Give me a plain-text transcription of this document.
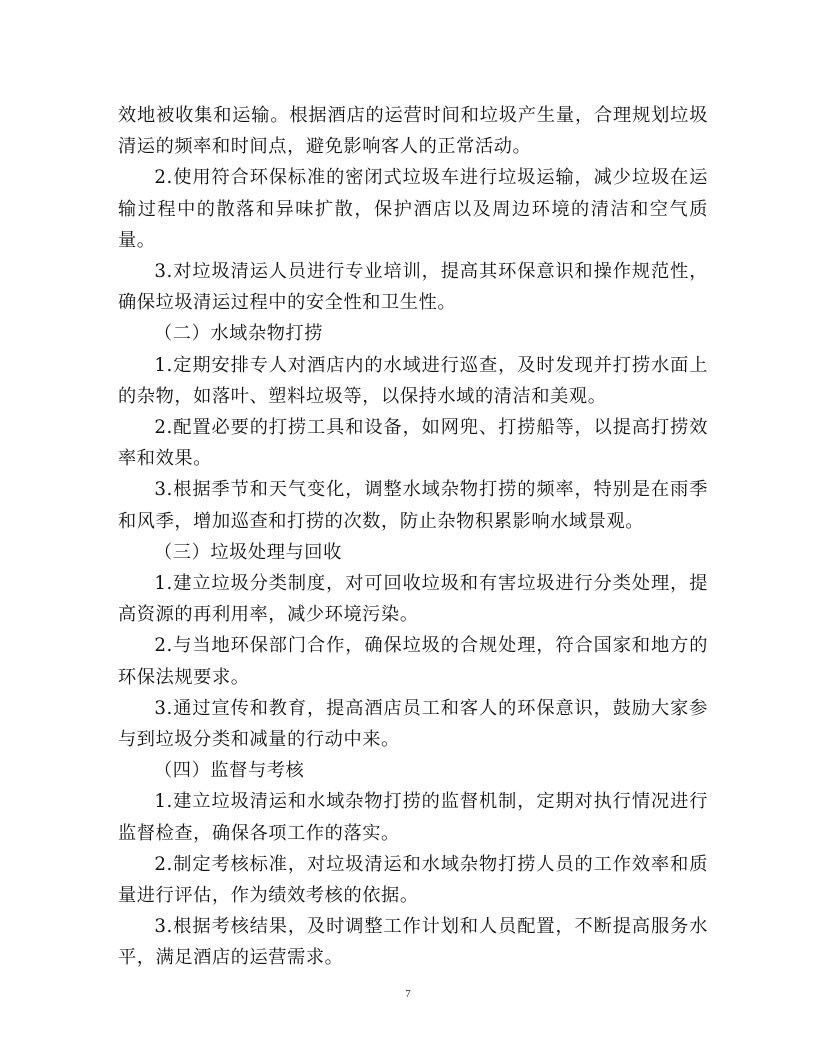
效地被收集和运输。根据酒店的运营时间和垃圾产生量，合理规划垃圾清运的频率和时间点，避免影响客人的正常活动。

2.使用符合环保标准的密闭式垃圾车进行垃圾运输，减少垃圾在运输过程中的散落和异味扩散，保护酒店以及周边环境的清洁和空气质量。

3.对垃圾清运人员进行专业培训，提高其环保意识和操作规范性，确保垃圾清运过程中的安全性和卫生性。

（二）水域杂物打捞

1.定期安排专人对酒店内的水域进行巡查，及时发现并打捞水面上的杂物，如落叶、塑料垃圾等，以保持水域的清洁和美观。

2.配置必要的打捞工具和设备，如网兜、打捞船等，以提高打捞效率和效果。

3.根据季节和天气变化，调整水域杂物打捞的频率，特别是在雨季和风季，增加巡查和打捞的次数，防止杂物积累影响水域景观。

（三）垃圾处理与回收

1.建立垃圾分类制度，对可回收垃圾和有害垃圾进行分类处理，提高资源的再利用率，减少环境污染。

2.与当地环保部门合作，确保垃圾的合规处理，符合国家和地方的环保法规要求。

3.通过宣传和教育，提高酒店员工和客人的环保意识，鼓励大家参与到垃圾分类和减量的行动中来。

（四）监督与考核

1.建立垃圾清运和水域杂物打捞的监督机制，定期对执行情况进行监督检查，确保各项工作的落实。

2.制定考核标准，对垃圾清运和水域杂物打捞人员的工作效率和质量进行评估，作为绩效考核的依据。

3.根据考核结果，及时调整工作计划和人员配置，不断提高服务水平，满足酒店的运营需求。

7
